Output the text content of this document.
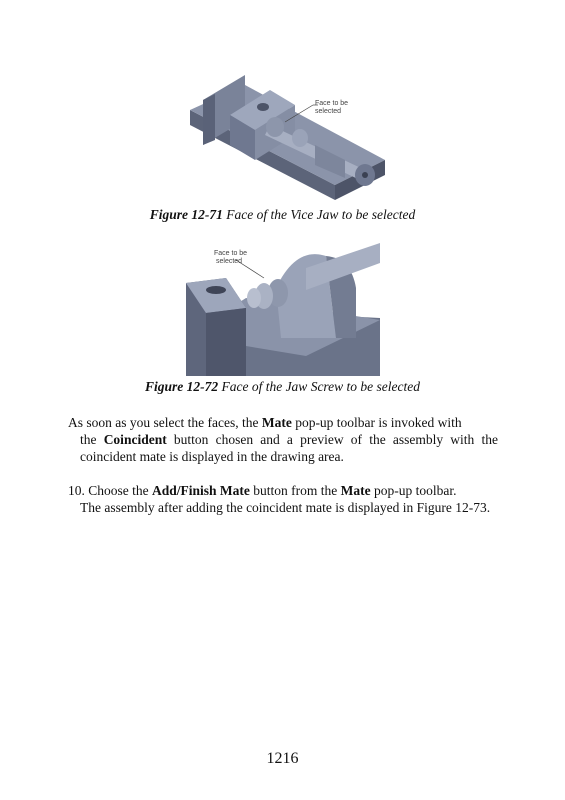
Face to be
selected
Figure 12-71 Face of the Vice Jaw to be selected
Face to be
selected
Figure 12-72 Face of the Jaw Screw to be selected
As soon as you select the faces, the Mate pop-up toolbar is invoked with
the Coincident button chosen and a preview of the assembly with the coincident mate is displayed in the drawing area.
10. Choose the Add/Finish Mate button from the Mate pop-up toolbar.
The assembly after adding the coincident mate is displayed in Figure 12-73.
1216
